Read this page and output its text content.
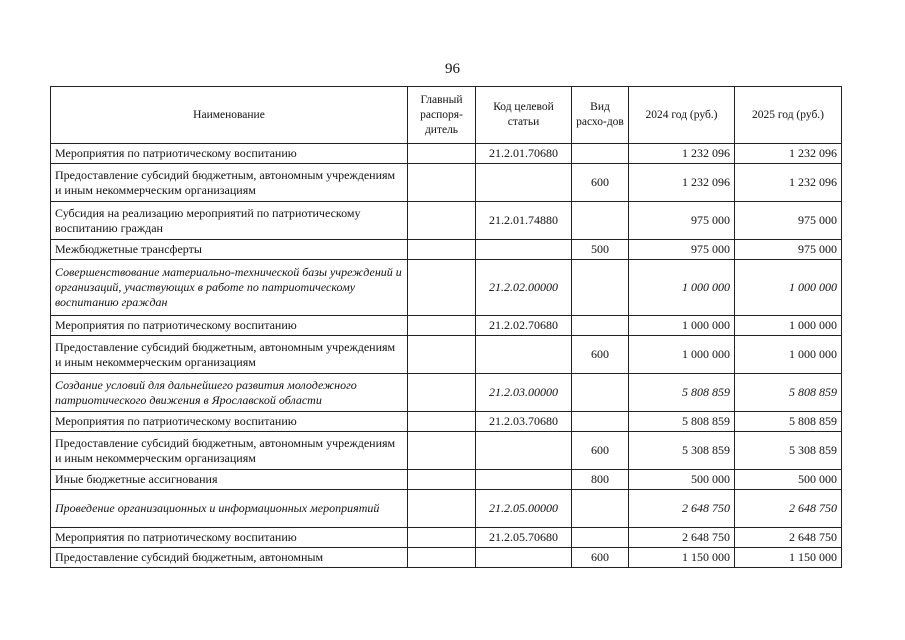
96
Наименование	Главный распоря-дитель	Код целевой статьи	Вид расхо-дов	2024 год (руб.)	2025 год (руб.)
Мероприятия по патриотическому воспитанию		21.2.01.70680		1 232 096	1 232 096
Предоставление субсидий бюджетным, автономным учреждениям и иным некоммерческим организациям			600	1 232 096	1 232 096
Субсидия на реализацию мероприятий по патриотическому воспитанию граждан		21.2.01.74880		975 000	975 000
Межбюджетные трансферты			500	975 000	975 000
Совершенствование материально-технической базы учреждений и организаций, участвующих в работе по патриотическому воспитанию граждан		21.2.02.00000		1 000 000	1 000 000
Мероприятия по патриотическому воспитанию		21.2.02.70680		1 000 000	1 000 000
Предоставление субсидий бюджетным, автономным учреждениям и иным некоммерческим организациям			600	1 000 000	1 000 000
Создание условий для дальнейшего развития молодежного патриотического движения в Ярославской области		21.2.03.00000		5 808 859	5 808 859
Мероприятия по патриотическому воспитанию		21.2.03.70680		5 808 859	5 808 859
Предоставление субсидий бюджетным, автономным учреждениям и иным некоммерческим организациям			600	5 308 859	5 308 859
Иные бюджетные ассигнования			800	500 000	500 000
Проведение организационных и информационных мероприятий		21.2.05.00000		2 648 750	2 648 750
Мероприятия по патриотическому воспитанию		21.2.05.70680		2 648 750	2 648 750
Предоставление субсидий бюджетным, автономным			600	1 150 000	1 150 000
